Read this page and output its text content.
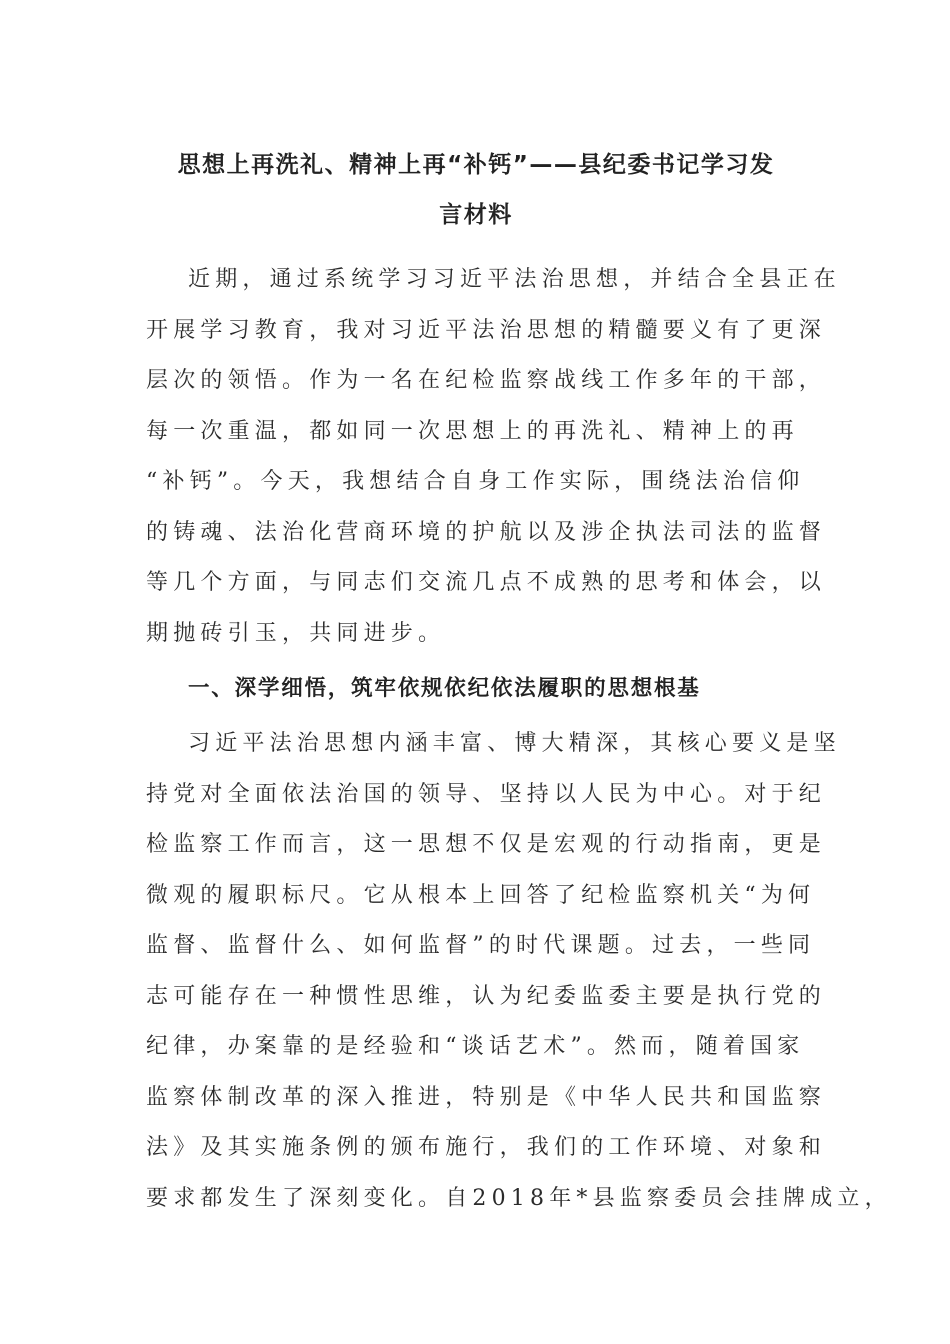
思想上再洗礼、精神上再“补钙”——县纪委书记学习发
言材料

近期，通过系统学习习近平法治思想，并结合全县正在
开展学习教育，我对习近平法治思想的精髓要义有了更深
层次的领悟。作为一名在纪检监察战线工作多年的干部，
每一次重温，都如同一次思想上的再洗礼、精神上的再
“补钙”。今天，我想结合自身工作实际，围绕法治信仰
的铸魂、法治化营商环境的护航以及涉企执法司法的监督
等几个方面，与同志们交流几点不成熟的思考和体会，以
期抛砖引玉，共同进步。

一、深学细悟，筑牢依规依纪依法履职的思想根基

习近平法治思想内涵丰富、博大精深，其核心要义是坚
持党对全面依法治国的领导、坚持以人民为中心。对于纪
检监察工作而言，这一思想不仅是宏观的行动指南，更是
微观的履职标尺。它从根本上回答了纪检监察机关“为何
监督、监督什么、如何监督”的时代课题。过去，一些同
志可能存在一种惯性思维，认为纪委监委主要是执行党的
纪律，办案靠的是经验和“谈话艺术”。然而，随着国家
监察体制改革的深入推进，特别是《中华人民共和国监察
法》及其实施条例的颁布施行，我们的工作环境、对象和
要求都发生了深刻变化。自2018年*县监察委员会挂牌成立，
